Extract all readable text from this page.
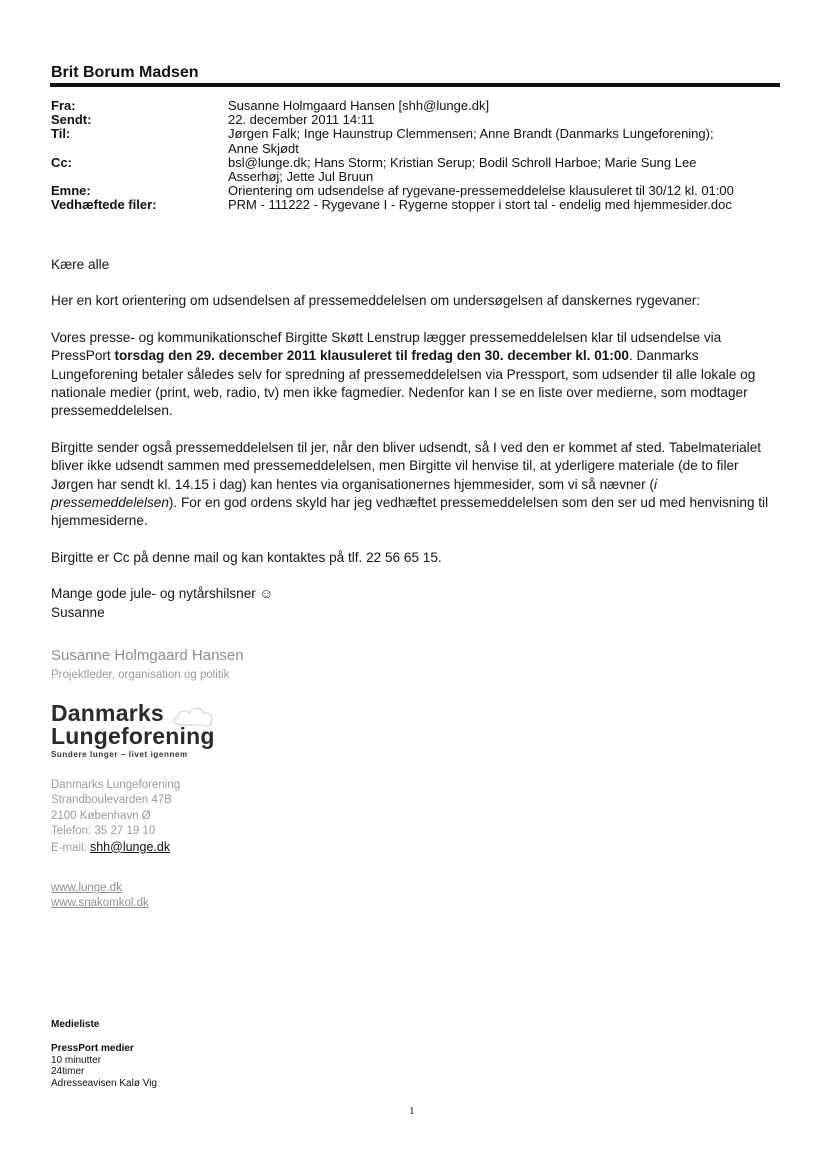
Brit Borum Madsen
Fra:	Susanne Holmgaard Hansen [shh@lunge.dk]
Sendt:	22. december 2011 14:11
Til:	Jørgen Falk; Inge Haunstrup Clemmensen; Anne Brandt (Danmarks Lungeforening);
Anne Skjødt
Cc:	bsl@lunge.dk; Hans Storm; Kristian Serup; Bodil Schroll Harboe; Marie Sung Lee
Asserhøj; Jette Jul Bruun
Emne:	Orientering om udsendelse af rygevane-pressemeddelelse klausuleret til 30/12 kl. 01:00
Vedhæftede filer:	PRM - 111222 - Rygevane I - Rygerne stopper i stort tal - endelig med hjemmesider.doc

Kære alle

Her en kort orientering om udsendelsen af pressemeddelelsen om undersøgelsen af danskernes rygevaner:

Vores presse- og kommunikationschef Birgitte Skøtt Lenstrup lægger pressemeddelelsen klar til udsendelse via PressPort torsdag den 29. december 2011 klausuleret til fredag den 30. december kl. 01:00. Danmarks Lungeforening betaler således selv for spredning af pressemeddelelsen via Pressport, som udsender til alle lokale og nationale medier (print, web, radio, tv) men ikke fagmedier. Nedenfor kan I se en liste over medierne, som modtager pressemeddelelsen.

Birgitte sender også pressemeddelelsen til jer, når den bliver udsendt, så I ved den er kommet af sted. Tabelmaterialet bliver ikke udsendt sammen med pressemeddelelsen, men Birgitte vil henvise til, at yderligere materiale (de to filer Jørgen har sendt kl. 14.15 i dag) kan hentes via organisationernes hjemmesider, som vi så nævner (i pressemeddelelsen). For en god ordens skyld har jeg vedhæftet pressemeddelelsen som den ser ud med henvisning til hjemmesiderne.

Birgitte er Cc på denne mail og kan kontaktes på tlf. 22 56 65 15.

Mange gode jule- og nytårshilsner ☺
Susanne

Susanne Holmgaard Hansen
Projektleder, organisation og politik
Danmarks
Lungeforening
Sundere lunger – livet igennem
Danmarks Lungeforening
Strandboulevarden 47B
2100 København Ø
Telefon: 35 27 19 10
E-mail: shh@lunge.dk
www.lunge.dk
www.snakomkol.dk
Medieliste
PressPort medier
10 minutter
24timer
Adresseavisen Kalø Vig
1
